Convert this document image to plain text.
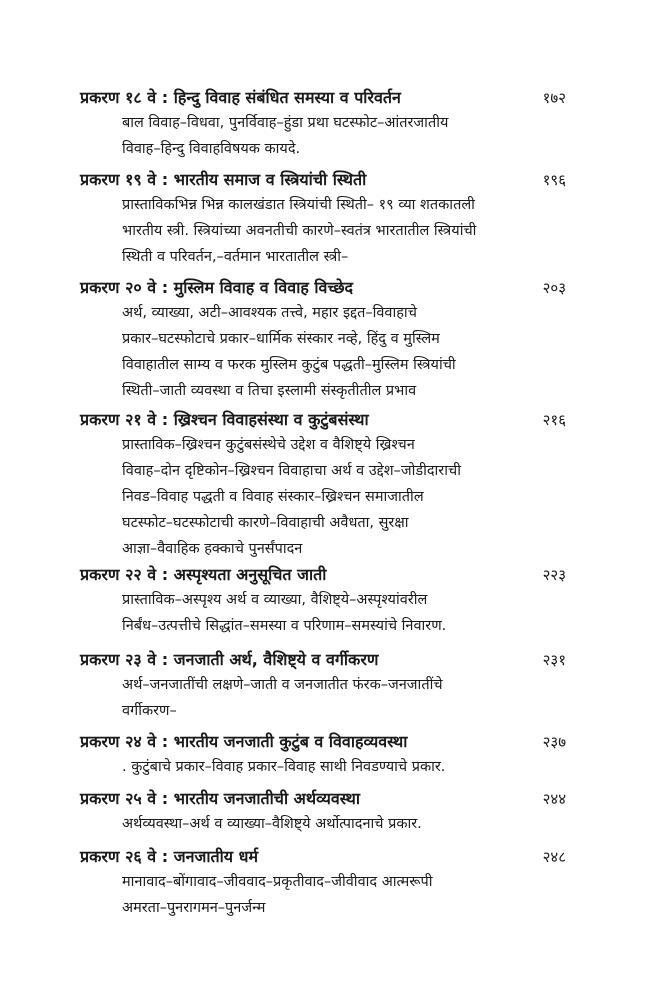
प्रकरण १८ वे : हिन्दु विवाह संबंधित समस्या व परिवर्तन	१७२
बाल विवाह–विधवा, पुनर्विवाह–हुंडा प्रथा घटस्फोट–आंतरजातीय
विवाह–हिन्दु विवाहविषयक कायदे.
प्रकरण १९ वे : भारतीय समाज व स्त्रियांची स्थिती	१९६
प्रास्ताविकभिन्न भिन्न कालखंडात स्त्रियांची स्थिती– १९ व्या शतकातली
भारतीय स्त्री. स्त्रियांच्या अवनतीची कारणे–स्वतंत्र भारतातील स्त्रियांची
स्थिती व परिवर्तन,–वर्तमान भारतातील स्त्री–
प्रकरण २० वे : मुस्लिम विवाह व विवाह विच्छेद	२०३
अर्थ, व्याख्या, अटी–आवश्यक तत्त्वे, महार इद्दत–विवाहाचे
प्रकार–घटस्फोटाचे प्रकार–धार्मिक संस्कार नव्हे, हिंदु व मुस्लिम
विवाहातील साम्य व फरक मुस्लिम कुटुंब पद्धती–मुस्लिम स्त्रियांची
स्थिती–जाती व्यवस्था व तिचा इस्लामी संस्कृतीतील प्रभाव
प्रकरण २१ वे : ख्रिश्चन विवाहसंस्था व कुटुंबसंस्था	२१६
प्रास्ताविक–ख्रिश्चन कुटुंबसंस्थेचे उद्देश व वैशिष्ट्ये ख्रिश्चन
विवाह–दोन दृष्टिकोन–ख्रिश्चन विवाहाचा अर्थ व उद्देश–जोडीदाराची
निवड–विवाह पद्धती व विवाह संस्कार–ख्रिश्चन समाजातील
घटस्फोट–घटस्फोटाची कारणे–विवाहाची अवैधता, सुरक्षा
आज्ञा–वैवाहिक हक्काचे पुनर्संपादन
प्रकरण २२ वे : अस्पृश्यता अनुसूचित जाती	२२३
प्रास्ताविक–अस्पृश्य अर्थ व व्याख्या, वैशिष्ट्ये–अस्पृश्यांवरील
निर्बंध–उत्पत्तीचे सिद्धांत–समस्या व परिणाम–समस्यांचे निवारण.
प्रकरण २३ वे : जनजाती अर्थ, वैशिष्ट्ये व वर्गीकरण	२३१
अर्थ–जनजातींची लक्षणे–जाती व जनजातीत फंरक–जनजातींचे
वर्गीकरण–
प्रकरण २४ वे : भारतीय जनजाती कुटुंब व विवाहव्यवस्था	२३७
. कुटुंबाचे प्रकार–विवाह प्रकार–विवाह साथी निवडण्याचे प्रकार.
प्रकरण २५ वे : भारतीय जनजातीची अर्थव्यवस्था	२४४
अर्थव्यवस्था–अर्थ व व्याख्या–वैशिष्ट्ये अर्थोत्पादनाचे प्रकार.
प्रकरण २६ वे : जनजातीय धर्म	२४८
मानावाद–बोंगावाद–जीववाद–प्रकृतीवाद–जीवीवाद आत्मरूपी
अमरता–पुनरागमन–पुनर्जन्म
